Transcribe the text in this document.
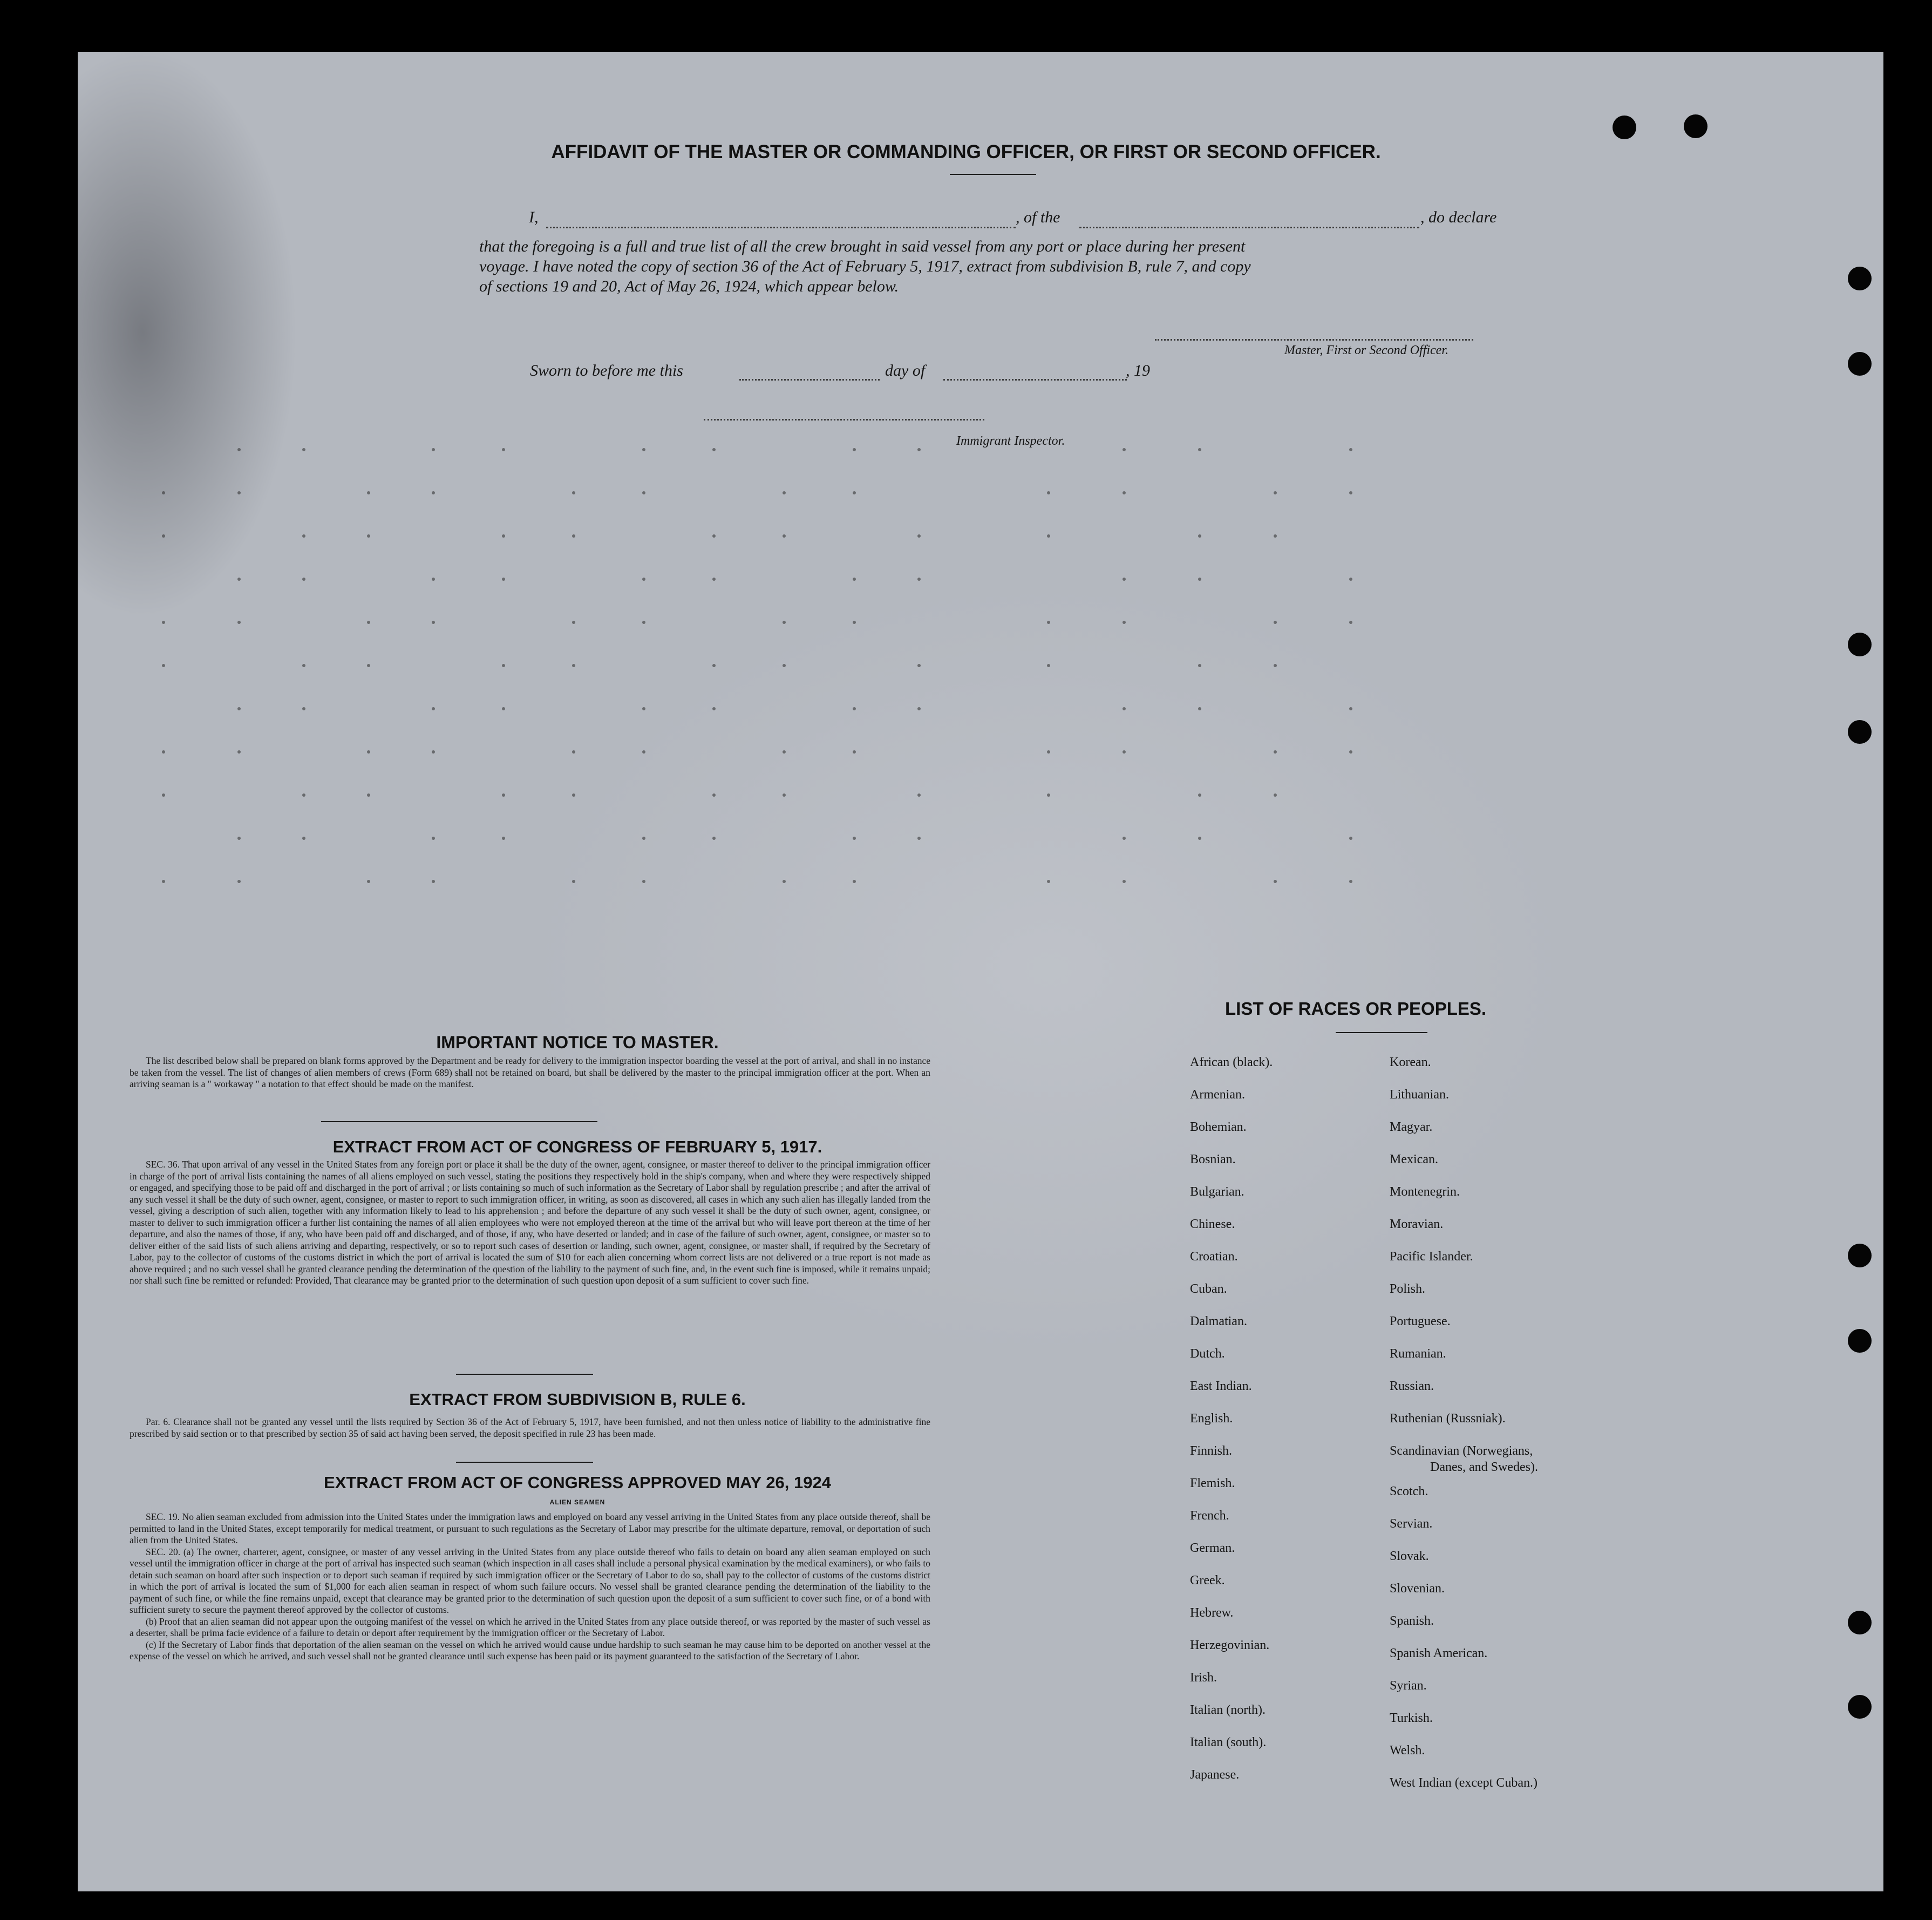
AFFIDAVIT OF THE MASTER OR COMMANDING OFFICER, OR FIRST OR SECOND OFFICER.
I,	, of the	, do declare
that the foregoing is a full and true list of all the crew brought in said vessel from any port or place during her present
voyage. I have noted the copy of section 36 of the Act of February 5, 1917, extract from subdivision B, rule 7, and copy
of sections 19 and 20, Act of May 26, 1924, which appear below.
Master, First or Second Officer.
Sworn to before me this	day of	, 19
Immigrant Inspector.
IMPORTANT NOTICE TO MASTER.

The list described below shall be prepared on blank forms approved by the Department and be ready for delivery to the immigration inspector boarding the vessel at the port of arrival, and shall in no instance be taken from the vessel. The list of changes of alien members of crews (Form 689) shall not be retained on board, but shall be delivered by the master to the principal immigration officer at the port. When an arriving seaman is a " workaway " a notation to that effect should be made on the manifest.

EXTRACT FROM ACT OF CONGRESS OF FEBRUARY 5, 1917.

SEC. 36. That upon arrival of any vessel in the United States from any foreign port or place it shall be the duty of the owner, agent, consignee, or master thereof to deliver to the principal immigration officer in charge of the port of arrival lists containing the names of all aliens employed on such vessel, stating the positions they respectively hold in the ship's company, when and where they were respectively shipped or engaged, and specifying those to be paid off and discharged in the port of arrival ; or lists containing so much of such information as the Secretary of Labor shall by regulation prescribe ; and after the arrival of any such vessel it shall be the duty of such owner, agent, consignee, or master to report to such immigration officer, in writing, as soon as discovered, all cases in which any such alien has illegally landed from the vessel, giving a description of such alien, together with any information likely to lead to his apprehension ; and before the departure of any such vessel it shall be the duty of such owner, agent, consignee, or master to deliver to such immigration officer a further list containing the names of all alien employees who were not employed thereon at the time of the arrival but who will leave port thereon at the time of her departure, and also the names of those, if any, who have been paid off and discharged, and of those, if any, who have deserted or landed; and in case of the failure of such owner, agent, consignee, or master so to deliver either of the said lists of such aliens arriving and departing, respectively, or so to report such cases of desertion or landing, such owner, agent, consignee, or master shall, if required by the Secretary of Labor, pay to the collector of customs of the customs district in which the port of arrival is located the sum of $10 for each alien concerning whom correct lists are not delivered or a true report is not made as above required ; and no such vessel shall be granted clearance pending the determination of the question of the liability to the payment of such fine, and, in the event such fine is imposed, while it remains unpaid; nor shall such fine be remitted or refunded: Provided, That clearance may be granted prior to the determination of such question upon deposit of a sum sufficient to cover such fine.

EXTRACT FROM SUBDIVISION B, RULE 6.

Par. 6. Clearance shall not be granted any vessel until the lists required by Section 36 of the Act of February 5, 1917, have been furnished, and not then unless notice of liability to the administrative fine prescribed by said section or to that prescribed by section 35 of said act having been served, the deposit specified in rule 23 has been made.

EXTRACT FROM ACT OF CONGRESS APPROVED MAY 26, 1924
ALIEN SEAMEN

SEC. 19. No alien seaman excluded from admission into the United States under the immigration laws and employed on board any vessel arriving in the United States from any place outside thereof, shall be permitted to land in the United States, except temporarily for medical treatment, or pursuant to such regulations as the Secretary of Labor may prescribe for the ultimate departure, removal, or deportation of such alien from the United States.

SEC. 20. (a) The owner, charterer, agent, consignee, or master of any vessel arriving in the United States from any place outside thereof who fails to detain on board any alien seaman employed on such vessel until the immigration officer in charge at the port of arrival has inspected such seaman (which inspection in all cases shall include a personal physical examination by the medical examiners), or who fails to detain such seaman on board after such inspection or to deport such seaman if required by such immigration officer or the Secretary of Labor to do so, shall pay to the collector of customs of the customs district in which the port of arrival is located the sum of $1,000 for each alien seaman in respect of whom such failure occurs. No vessel shall be granted clearance pending the determination of the liability to the payment of such fine, or while the fine remains unpaid, except that clearance may be granted prior to the determination of such question upon the deposit of a sum sufficient to cover such fine, or of a bond with sufficient surety to secure the payment thereof approved by the collector of customs.

(b) Proof that an alien seaman did not appear upon the outgoing manifest of the vessel on which he arrived in the United States from any place outside thereof, or was reported by the master of such vessel as a deserter, shall be prima facie evidence of a failure to detain or deport after requirement by the immigration officer or the Secretary of Labor.

(c) If the Secretary of Labor finds that deportation of the alien seaman on the vessel on which he arrived would cause undue hardship to such seaman he may cause him to be deported on another vessel at the expense of the vessel on which he arrived, and such vessel shall not be granted clearance until such expense has been paid or its payment guaranteed to the satisfaction of the Secretary of Labor.

LIST OF RACES OR PEOPLES.
African (black).
Armenian.
Bohemian.
Bosnian.
Bulgarian.
Chinese.
Croatian.
Cuban.
Dalmatian.
Dutch.
East Indian.
English.
Finnish.
Flemish.
French.
German.
Greek.
Hebrew.
Herzegovinian.
Irish.
Italian (north).
Italian (south).
Japanese.
Korean.
Lithuanian.
Magyar.
Mexican.
Montenegrin.
Moravian.
Pacific Islander.
Polish.
Portuguese.
Rumanian.
Russian.
Ruthenian (Russniak).
Scandinavian (Norwegians,
Danes, and Swedes).
Scotch.
Servian.
Slovak.
Slovenian.
Spanish.
Spanish American.
Syrian.
Turkish.
Welsh.
West Indian (except Cuban.)
